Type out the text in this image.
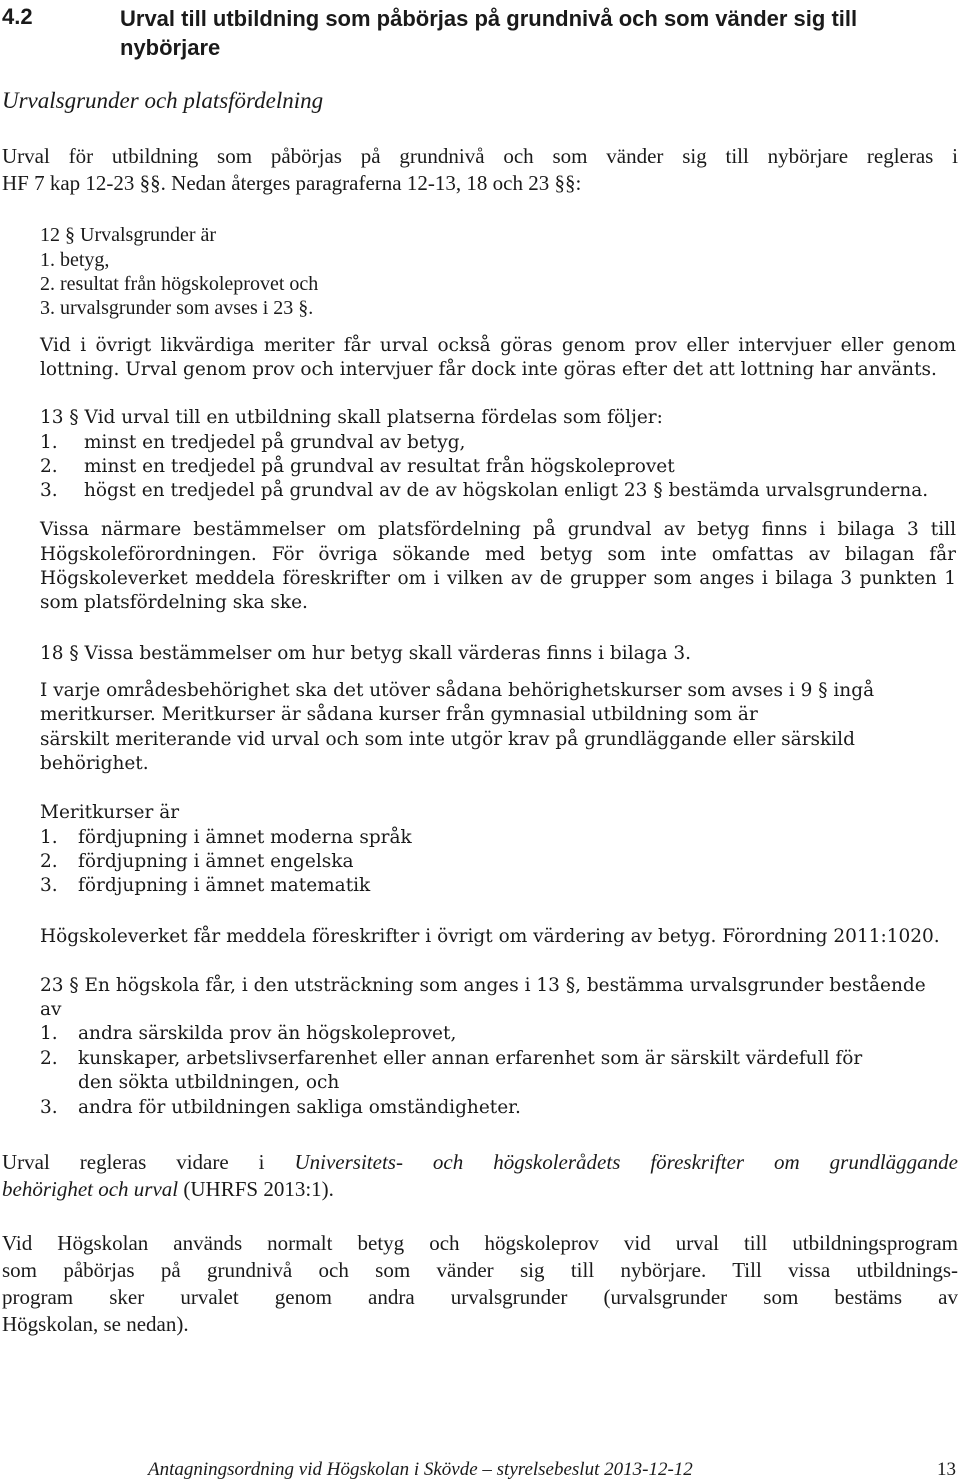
4.2	Urval till utbildning som påbörjas på grundnivå och som vänder sig till nybörjare
Urvalsgrunder och platsfördelning
Urval för utbildning som påbörjas på grundnivå och som vänder sig till nybörjare regleras i
HF 7 kap 12-23 §§. Nedan återges paragraferna 12-13, 18 och 23 §§:
12 § Urvalsgrunder är
1. betyg,
2. resultat från högskoleprovet och
3. urvalsgrunder som avses i 23 §.
Vid i övrigt likvärdiga meriter får urval också göras genom prov eller intervjuer eller genom
lottning. Urval genom prov och intervjuer får dock inte göras efter det att lottning har använts.
13 § Vid urval till en utbildning skall platserna fördelas som följer:
1. minst en tredjedel på grundval av betyg,
2. minst en tredjedel på grundval av resultat från högskoleprovet
3. högst en tredjedel på grundval av de av högskolan enligt 23 § bestämda urvalsgrunderna.
Vissa närmare bestämmelser om platsfördelning på grundval av betyg finns i bilaga 3 till
Högskoleförordningen. För övriga sökande med betyg som inte omfattas av bilagan får
Högskoleverket meddela föreskrifter om i vilken av de grupper som anges i bilaga 3 punkten 1
som platsfördelning ska ske.
18 § Vissa bestämmelser om hur betyg skall värderas finns i bilaga 3.
I varje områdesbehörighet ska det utöver sådana behörighetskurser som avses i 9 § ingå
meritkurser. Meritkurser är sådana kurser från gymnasial utbildning som är
särskilt meriterande vid urval och som inte utgör krav på grundläggande eller särskild
behörighet.
Meritkurser är
1. fördjupning i ämnet moderna språk
2. fördjupning i ämnet engelska
3. fördjupning i ämnet matematik
Högskoleverket får meddela föreskrifter i övrigt om värdering av betyg. Förordning 2011:1020.
23 § En högskola får, i den utsträckning som anges i 13 §, bestämma urvalsgrunder bestående
av
1. andra särskilda prov än högskoleprovet,
2. kunskaper, arbetslivserfarenhet eller annan erfarenhet som är särskilt värdefull för
den sökta utbildningen, och
3. andra för utbildningen sakliga omständigheter.
Urval regleras vidare i Universitets- och högskolerådets föreskrifter om grundläggande
behörighet och urval (UHRFS 2013:1).
Vid Högskolan används normalt betyg och högskoleprov vid urval till utbildningsprogram
som påbörjas på grundnivå och som vänder sig till nybörjare. Till vissa utbildnings-
program sker urvalet genom andra urvalsgrunder (urvalsgrunder som bestäms av
Högskolan, se nedan).
Antagningsordning vid Högskolan i Skövde – styrelsebeslut 2013-12-12	13
